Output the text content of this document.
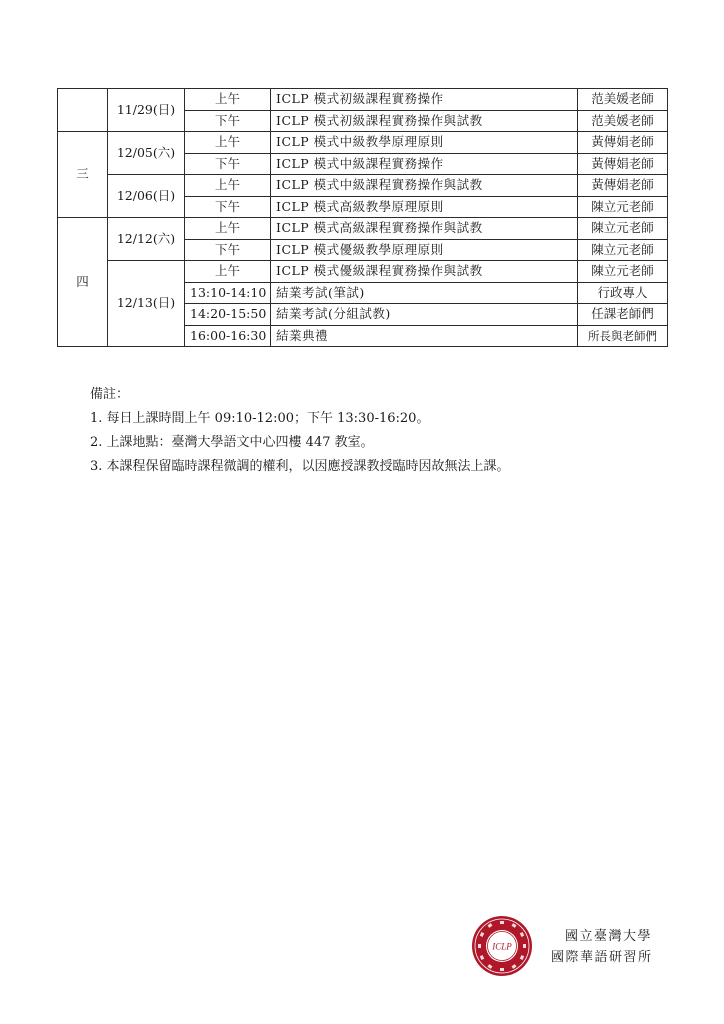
	11/29(日)	上午	ICLP 模式初級課程實務操作	范美媛老師
		下午	ICLP 模式初級課程實務操作與試教	范美媛老師
三	12/05(六)	上午	ICLP 模式中級教學原理原則	黃傳娟老師
		下午	ICLP 模式中級課程實務操作	黃傳娟老師
	12/06(日)	上午	ICLP 模式中級課程實務操作與試教	黃傳娟老師
		下午	ICLP 模式高級教學原理原則	陳立元老師
四	12/12(六)	上午	ICLP 模式高級課程實務操作與試教	陳立元老師
		下午	ICLP 模式優級教學原理原則	陳立元老師
	12/13(日)	上午	ICLP 模式優級課程實務操作與試教	陳立元老師
		13:10-14:10	結業考試(筆試)	行政專人
		14:20-15:50	結業考試(分組試教)	任課老師們
		16:00-16:30	結業典禮	所長與老師們
備註：
1. 每日上課時間上午 09:10-12:00；下午 13:30-16:20。
2. 上課地點：臺灣大學語文中心四樓 447 教室。
3. 本課程保留臨時課程微調的權利，以因應授課教授臨時因故無法上課。
ICLP
國立臺灣大學
國際華語研習所
